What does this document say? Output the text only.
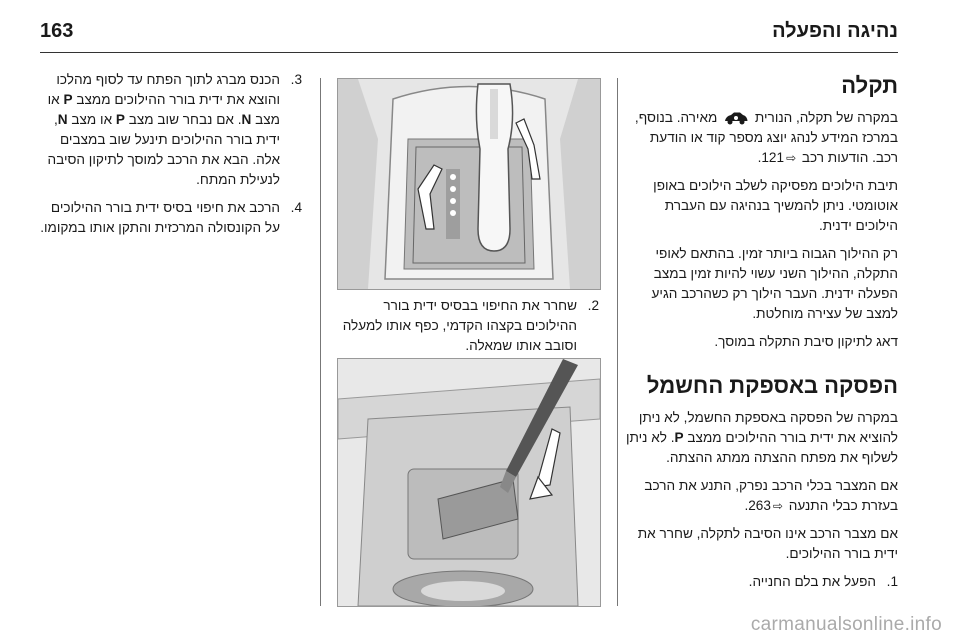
163	נהיגה והפעלה
תקלה

במקרה של תקלה, הנורית  מאירה. בנוסף, במרכז המידע לנהג יוצג מספר קוד או הודעת רכב. הודעות רכב ⇨121.

תיבת הילוכים מפסיקה לשלב הילוכים באופן אוטומטי. ניתן להמשיך בנהיגה עם העברת הילוכים ידנית.

רק ההילוך הגבוה ביותר זמין. בהתאם לאופי התקלה, ההילוך השני עשוי להיות זמין במצב הפעלה ידנית. העבר הילוך רק כשהרכב הגיע למצב של עצירה מוחלטת.

דאג לתיקון סיבת התקלה במוסך.

הפסקה באספקת החשמל

במקרה של הפסקה באספקת החשמל, לא ניתן להוציא את ידית בורר ההילוכים ממצב P. לא ניתן לשלוף את מפתח ההצתה ממתג ההצתה.

אם המצבר בכלי הרכב נפרק, התנע את הרכב בעזרת כבלי התנעה ⇨263.

אם מצבר הרכב אינו הסיבה לתקלה, שחרר את ידית בורר ההילוכים.

1.
הפעל את בלם החנייה.

2.
שחרר את החיפוי בבסיס ידית בורר ההילוכים בקצהו הקדמי, כפף אותו למעלה וסובב אותו שמאלה.

3.
הכנס מברג לתוך הפתח עד לסוף מהלכו והוצא את ידית בורר ההילוכים ממצב P או מצב N. אם נבחר שוב מצב P או מצב N, ידית בורר ההילוכים תינעל שוב במצבים אלה. הבא את הרכב למוסך לתיקון הסיבה לנעילת המתח.

4.
הרכב את חיפוי בסיס ידית בורר ההילוכים על הקונסולה המרכזית והתקן אותו במקומו.

carmanualsonline.info
